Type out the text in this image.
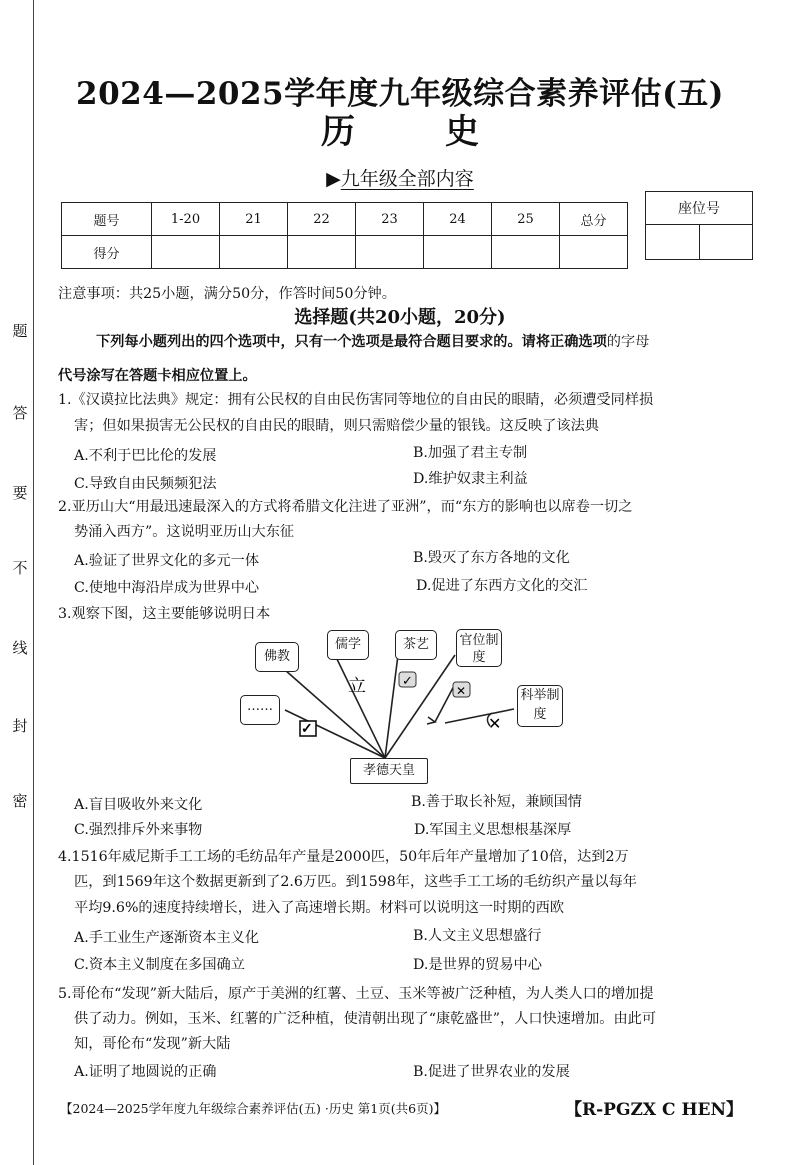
题
答
要
不
线
封
密
2024—2025学年度九年级综合素养评估(五)
历史
▶九年级全部内容
题号	1-20	21	22	23	24	25	总分
得分							
座位号

注意事项：共25小题，满分50分，作答时间50分钟。
选择题(共20小题，20分)
下列每小题列出的四个选项中，只有一个选项是最符合题目要求的。请将正确选项的字母
代号涂写在答题卡相应位置上。
1.《汉谟拉比法典》规定：拥有公民权的自由民伤害同等地位的自由民的眼睛，必须遭受同样损
害；但如果损害无公民权的自由民的眼睛，则只需赔偿少量的银钱。这反映了该法典
A.不利于巴比伦的发展	B.加强了君主专制
C.导致自由民频频犯法	D.维护奴隶主利益
2.亚历山大“用最迅速最深入的方式将希腊文化注进了亚洲”，而“东方的影响也以席卷一切之
势涌入西方”。这说明亚历山大东征
A.验证了世界文化的多元一体	B.毁灭了东方各地的文化
C.使地中海沿岸成为世界中心	D.促进了东西方文化的交汇
3.观察下图，这主要能够说明日本
立	✓
✕
✕
✓
佛教
儒学	茶艺	官位制度
……
科举制度
孝德天皇
A.盲目吸收外来文化	B.善于取长补短，兼顾国情
C.强烈排斥外来事物	D.军国主义思想根基深厚
4.1516年威尼斯手工工场的毛纺品年产量是2000匹，50年后年产量增加了10倍，达到2万
匹，到1569年这个数据更新到了2.6万匹。到1598年，这些手工工场的毛纺织产量以每年
平均9.6%的速度持续增长，进入了高速增长期。材料可以说明这一时期的西欧
A.手工业生产逐渐资本主义化	B.人文主义思想盛行
C.资本主义制度在多国确立	D.是世界的贸易中心
5.哥伦布“发现”新大陆后，原产于美洲的红薯、土豆、玉米等被广泛种植，为人类人口的增加提
供了动力。例如，玉米、红薯的广泛种植，使清朝出现了“康乾盛世”，人口快速增加。由此可
知，哥伦布“发现”新大陆
A.证明了地圆说的正确	B.促进了世界农业的发展
【2024—2025学年度九年级综合素养评估(五) ·历史 第1页(共6页)】	【R-PGZX C HEN】
